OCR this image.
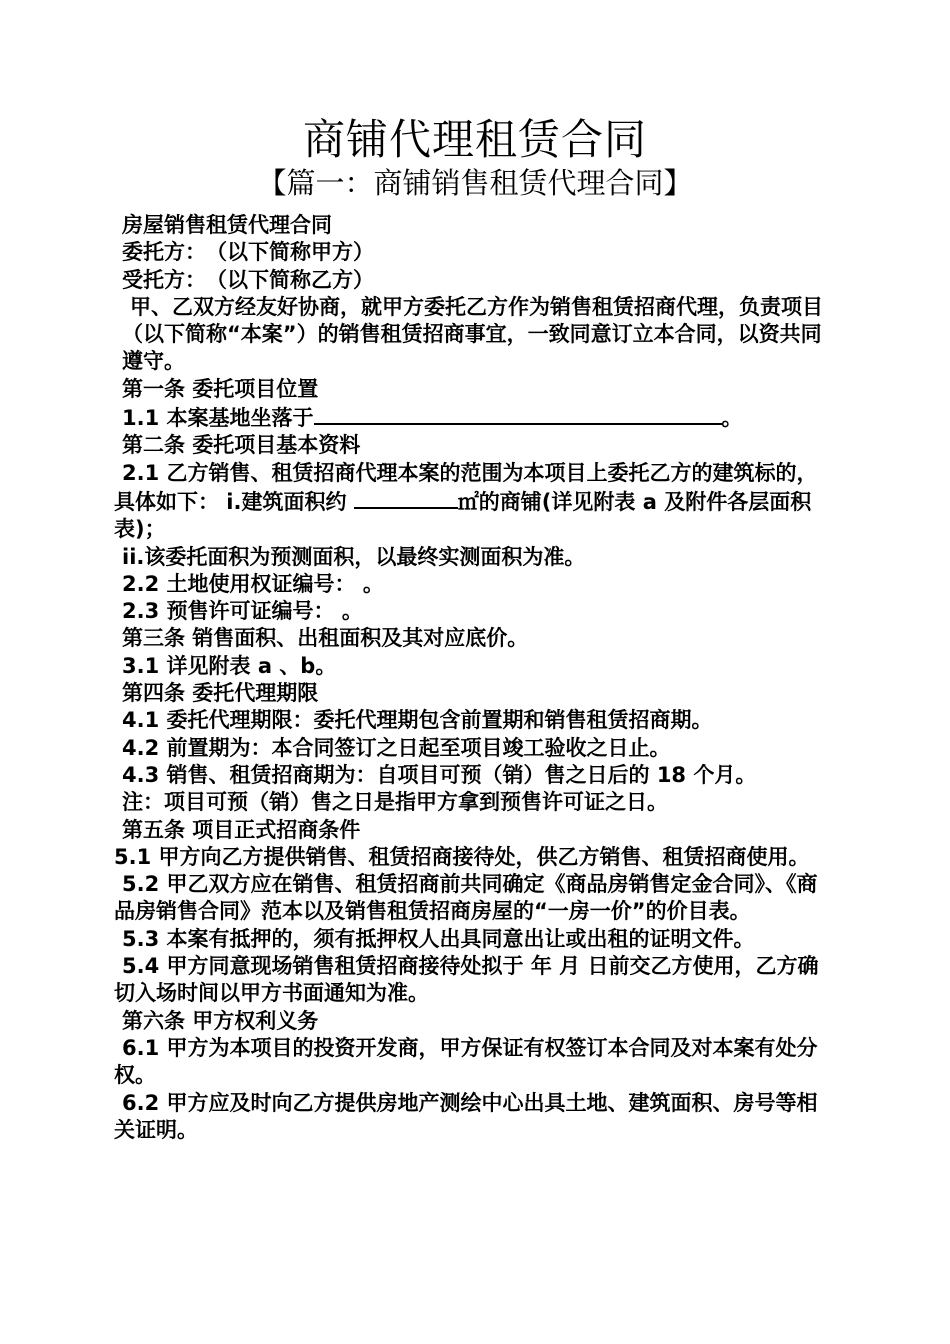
商铺代理租赁合同
【篇一：商铺销售租赁代理合同】

房屋销售租赁代理合同

委托方：　（以下简称甲方）

受托方：　（以下简称乙方）

甲、乙双方经友好协商，就甲方委托乙方作为销售租赁招商代理，负责项目（以下简称“本案”）的销售租赁招商事宜，一致同意订立本合同，以资共同遵守。

第一条 委托项目位置

1.1 本案基地坐落于	。

第二条 委托项目基本资料

2.1 乙方销售、租赁招商代理本案的范围为本项目上委托乙方的建筑标的，具体如下： i.建筑面积约	㎡的商铺(详见附表 a 及附件各层面积表)；

ii.该委托面积为预测面积，以最终实测面积为准。

2.2 土地使用权证编号： 。

2.3 预售许可证编号： 。

第三条 销售面积、出租面积及其对应底价。

3.1 详见附表 a 、b。

第四条 委托代理期限

4.1 委托代理期限：委托代理期包含前置期和销售租赁招商期。

4.2 前置期为：本合同签订之日起至项目竣工验收之日止。

4.3 销售、租赁招商期为：自项目可预（销）售之日后的 18 个月。

注：项目可预（销）售之日是指甲方拿到预售许可证之日。

第五条 项目正式招商条件

5.1 甲方向乙方提供销售、租赁招商接待处，供乙方销售、租赁招商使用。

5.2 甲乙双方应在销售、租赁招商前共同确定《商品房销售定金合同》、《商品房销售合同》范本以及销售租赁招商房屋的“一房一价”的价目表。

5.3 本案有抵押的，须有抵押权人出具同意出让或出租的证明文件。

5.4 甲方同意现场销售租赁招商接待处拟于 年 月 日前交乙方使用，乙方确切入场时间以甲方书面通知为准。

第六条 甲方权利义务

6.1 甲方为本项目的投资开发商，甲方保证有权签订本合同及对本案有处分权。

6.2 甲方应及时向乙方提供房地产测绘中心出具土地、建筑面积、房号等相关证明。
